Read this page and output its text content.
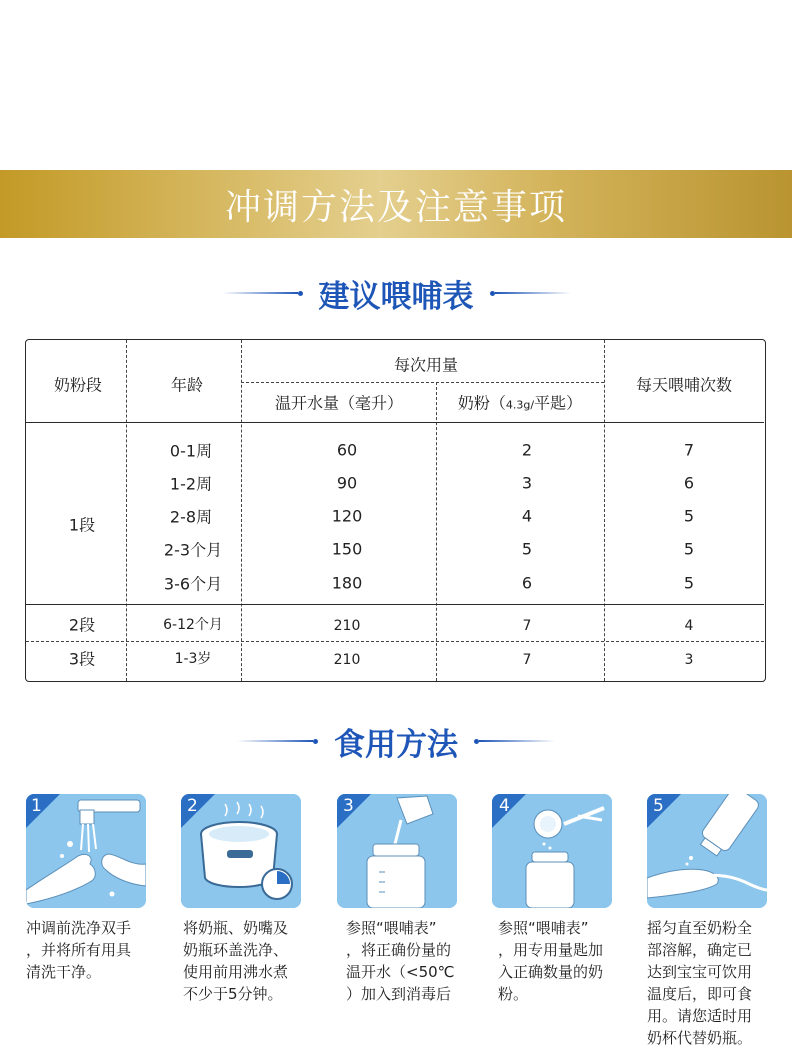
冲调方法及注意事项
建议喂哺表
奶粉段	年龄
每次用量
温开水量（毫升）	奶粉（4.3g/平匙）
每天喂哺次数
1段
0-1周	60	2	7
1-2周	90	3	6
2-8周	120	4	5
2-3个月	150	5	5
3-6个月	180	6	5
2段	6-12个月	210	7	4
3段	1-3岁	210	7	3
食用方法
1
冲调前洗净双手
，并将所有用具
清洗干净。
2
将奶瓶、奶嘴及
奶瓶环盖洗净、
使用前用沸水煮
不少于5分钟。
3
参照“喂哺表”
，将正确份量的
温开水（<50℃
）加入到消毒后
4
参照“喂哺表”
，用专用量匙加
入正确数量的奶
粉。
5
摇匀直至奶粉全
部溶解，确定已
达到宝宝可饮用
温度后，即可食
用。请您适时用
奶杯代替奶瓶。
